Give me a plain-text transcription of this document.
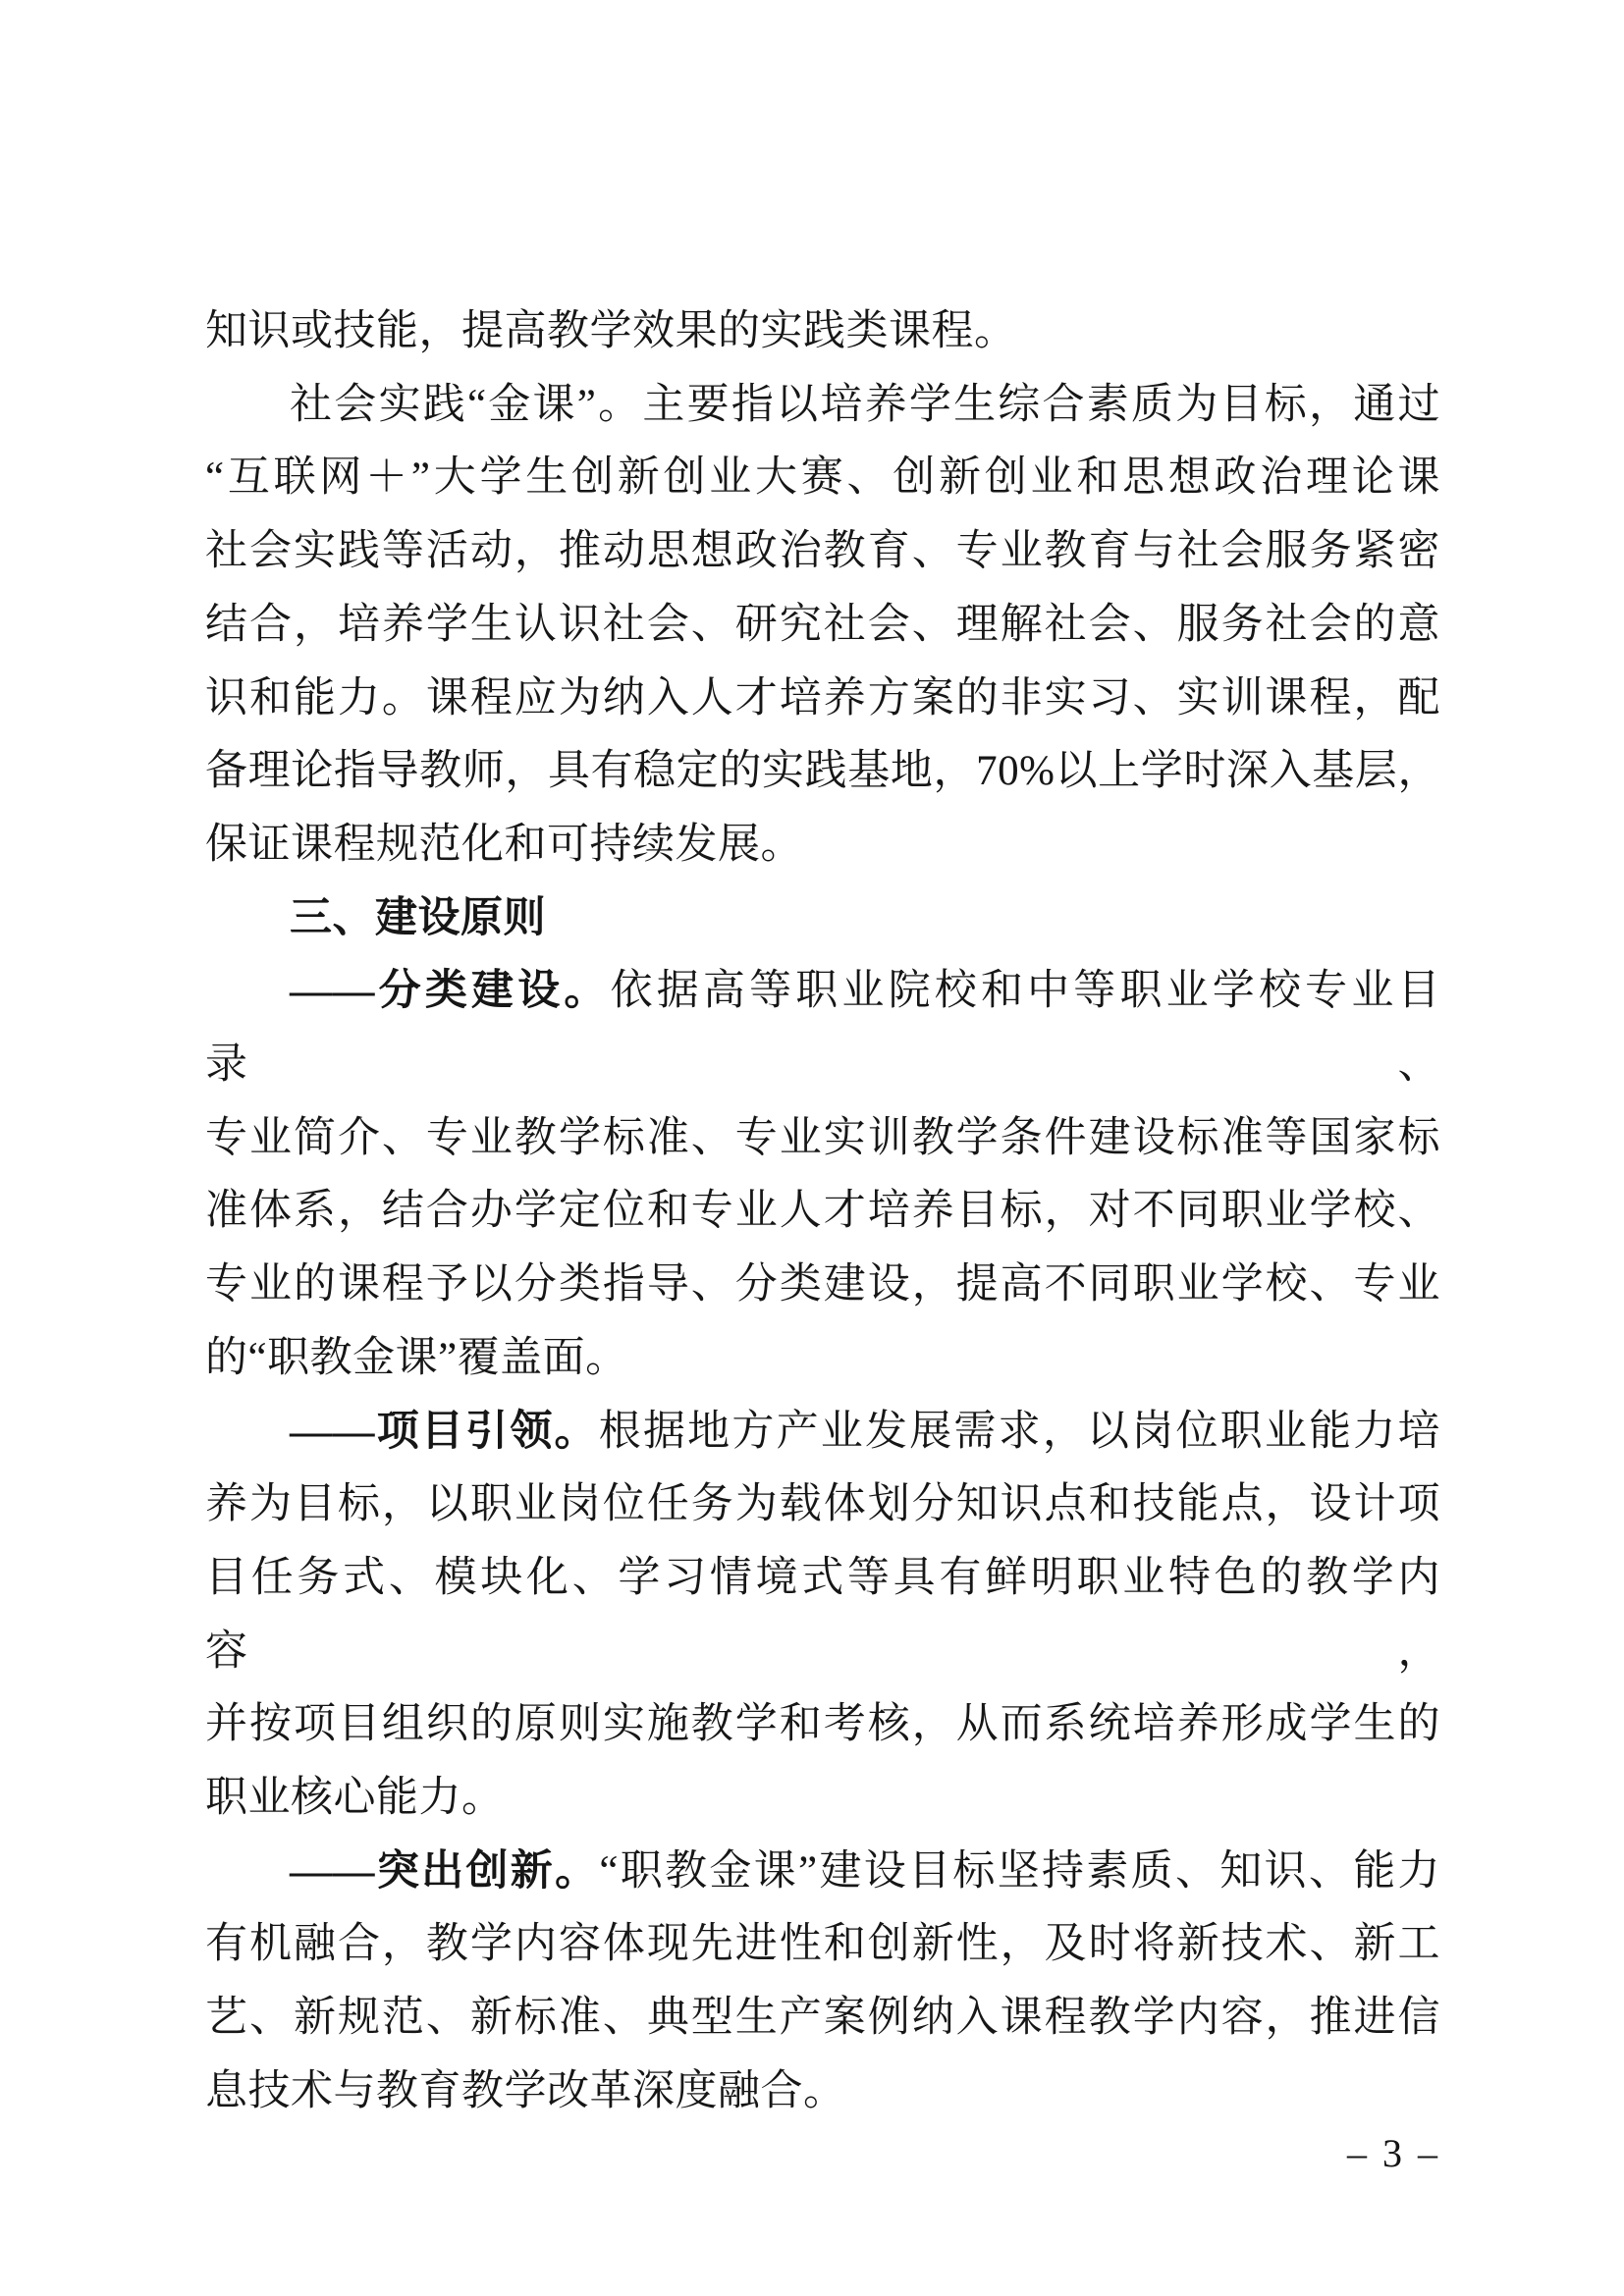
知识或技能，提高教学效果的实践类课程。
社会实践“金课”。主要指以培养学生综合素质为目标，通过
“互联网＋”大学生创新创业大赛、创新创业和思想政治理论课
社会实践等活动，推动思想政治教育、专业教育与社会服务紧密
结合，培养学生认识社会、研究社会、理解社会、服务社会的意
识和能力。课程应为纳入人才培养方案的非实习、实训课程，配
备理论指导教师，具有稳定的实践基地，70%以上学时深入基层，
保证课程规范化和可持续发展。
三、建设原则
——分类建设。依据高等职业院校和中等职业学校专业目录、
专业简介、专业教学标准、专业实训教学条件建设标准等国家标
准体系，结合办学定位和专业人才培养目标，对不同职业学校、
专业的课程予以分类指导、分类建设，提高不同职业学校、专业
的“职教金课”覆盖面。
——项目引领。根据地方产业发展需求，以岗位职业能力培
养为目标，以职业岗位任务为载体划分知识点和技能点，设计项
目任务式、模块化、学习情境式等具有鲜明职业特色的教学内容，
并按项目组织的原则实施教学和考核，从而系统培养形成学生的
职业核心能力。
——突出创新。“职教金课”建设目标坚持素质、知识、能力
有机融合，教学内容体现先进性和创新性，及时将新技术、新工
艺、新规范、新标准、典型生产案例纳入课程教学内容，推进信
息技术与教育教学改革深度融合。
– 3 –
